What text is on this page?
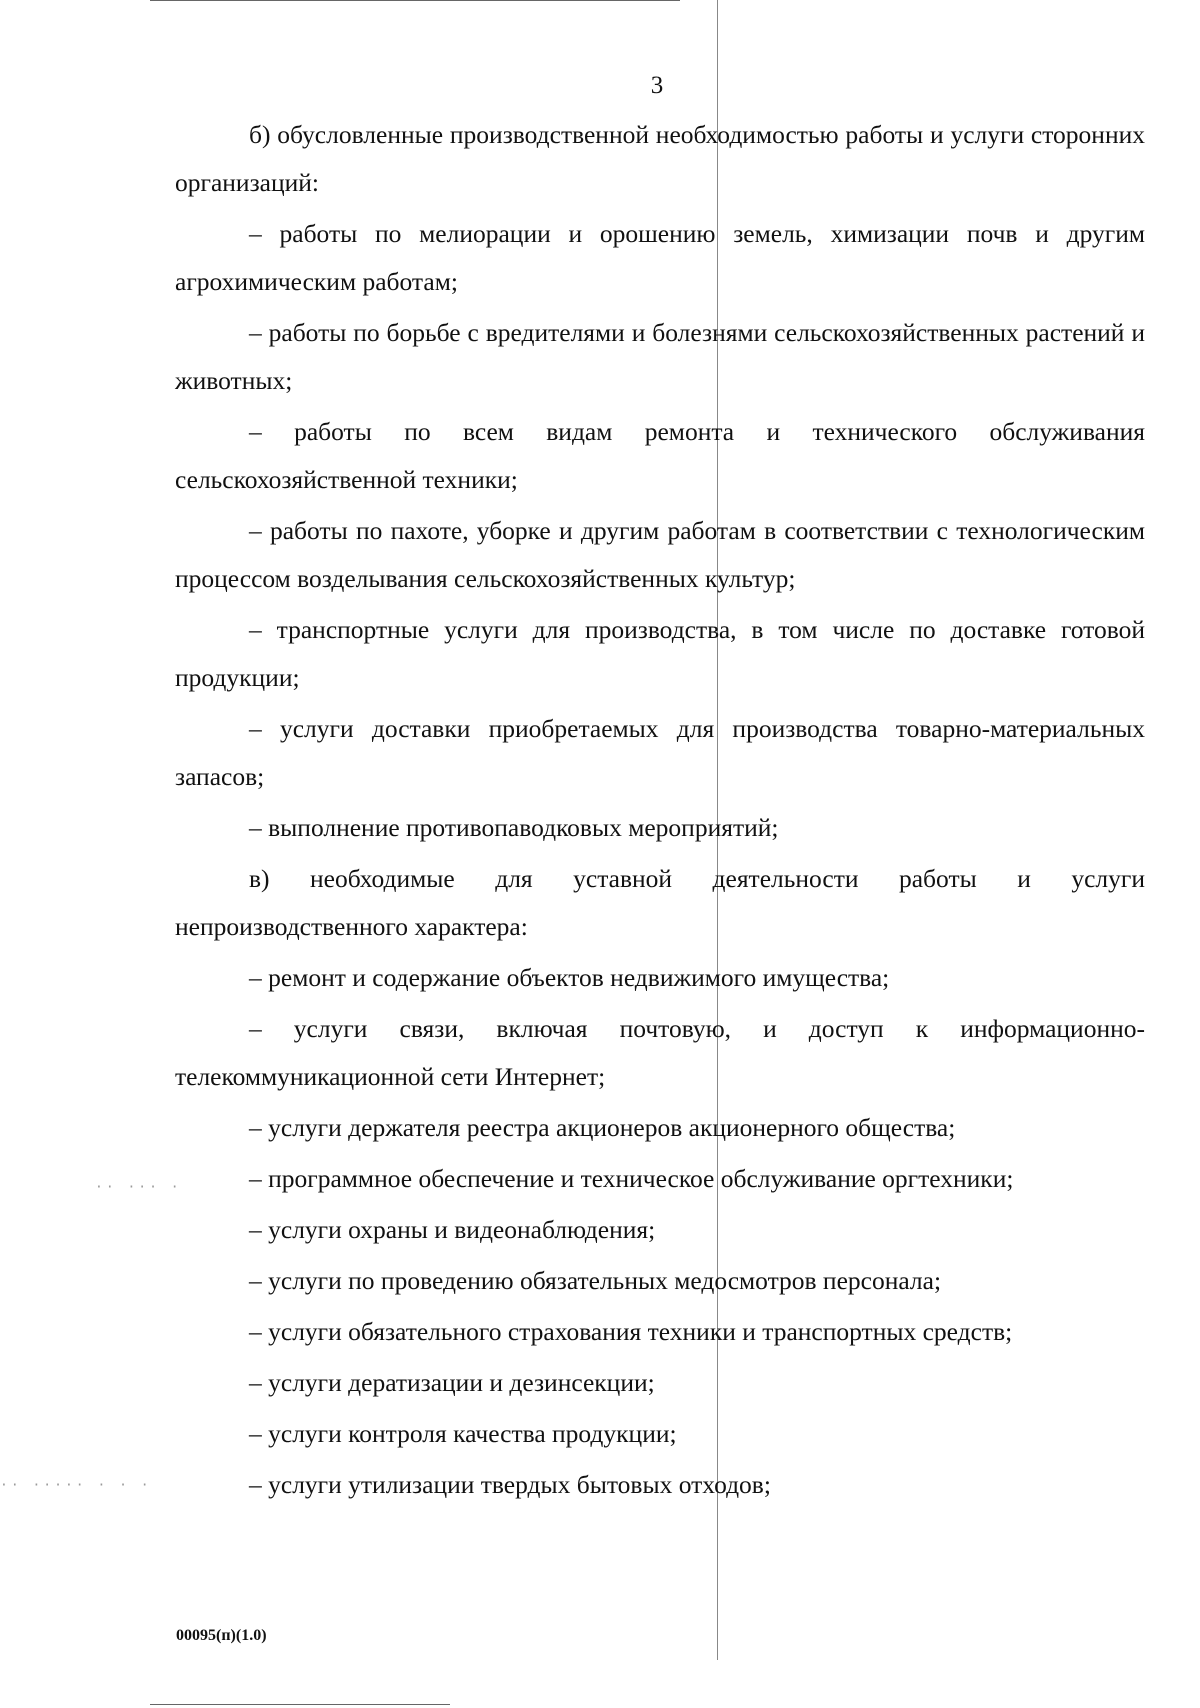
·· ··· ·
·· ····· · · ·
3

б) обусловленные производственной необходимостью работы и услуги сторонних организаций:

– работы по мелиорации и орошению земель, химизации почв и другим агрохимическим работам;

– работы по борьбе с вредителями и болезнями сельскохозяйственных растений и животных;

– работы по всем видам ремонта и технического обслуживания сельскохозяйственной техники;

– работы по пахоте, уборке и другим работам в соответствии с технологическим процессом возделывания сельскохозяйственных культур;

– транспортные услуги для производства, в том числе по доставке готовой продукции;

– услуги доставки приобретаемых для производства товарно-материальных запасов;

– выполнение противопаводковых мероприятий;

в) необходимые для уставной деятельности работы и услуги непроизводственного характера:

– ремонт и содержание объектов недвижимого имущества;

– услуги связи, включая почтовую, и доступ к информационно-телекоммуникационной сети Интернет;

– услуги держателя реестра акционеров акционерного общества;

– программное обеспечение и техническое обслуживание оргтехники;

– услуги охраны и видеонаблюдения;

– услуги по проведению обязательных медосмотров персонала;

– услуги обязательного страхования техники и транспортных средств;

– услуги дератизации и дезинсекции;

– услуги контроля качества продукции;

– услуги утилизации твердых бытовых отходов;

00095(п)(1.0)
